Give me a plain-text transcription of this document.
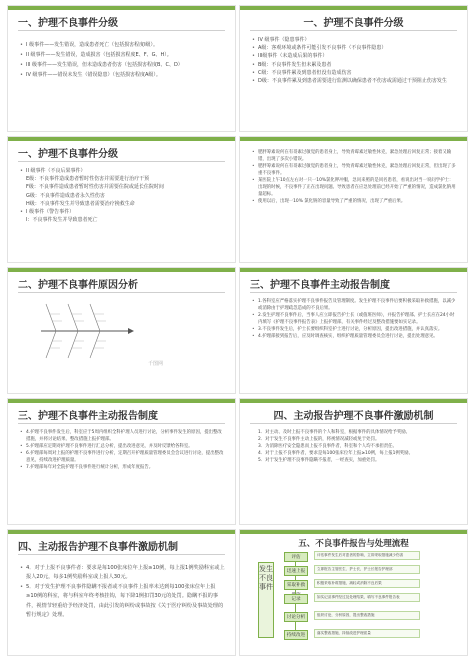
一、护理不良事件分级
• I 级事件——发生错误，造成患者死亡（包括损害程度I级）。
• II 级事件——发生错误，造成损害（包括损害程度E、F、G、H）。
• III 级事件——发生错误，但未造成患者伤害（包括损害程度B、C、D）
• IV 级事件——错误未发生（错误隐患）（包括损害程度A级）。
一、护理不良事件分级
• IV 级事件（隐患事件）
• A级：客观环境或条件可能引发不良事件（不良事件隐患）
• III级事件（未造成后果的事件）
• B级：不良事件发生但未累及患者
• C级：不良事件累及到患者但没有造成伤害
• D级：不良事件累及到患者需要进行监测以确保患者不伤害或需通过干预阻止伤害发生
一、护理不良事件分级
• II 级事件（不良后果事件）
E级：不良事件造成患者暂时性伤害并需要进行治疗干预
F级：不良事件造成患者暂时性伤害并需要住院或延长住院时间
G级：不良事件造成患者永久性伤害
H级：不良事件发生并导致患者需要治疗挽救生命
• I 级事件（警告事件）
I：不良事件发生并导致患者死亡
• 肥胖筹素说何在有哥素过敏觉的患者身上，导致青霉素过敏性休克，紧急处理后回复正常；接着又输错，出现了多次小错误。
• 肥胖筹素说何在有哥素过敏觉的患者身上，导致青霉素过敏性休克，紧急处理后回复正常，但出现了多重不良事件。
• 某医院上午10点左右对一只一10%氯化钾冲服，急问来照的是同名患者，看说出对当一说问学护士：出现的时候，不良事件了正在出现问题。导致患者在应急处理前已经开始了严重的情况，造成氯化钠用量超标。
• 使用以后，出现一10% 氯化钠的容量导致了严重的情况，出现了严重后果。
二、护理不良事件原因分析
千图网
三、护理不良事件主动报告制度
• 1.各科室应严格落实护理不良事件报告及管理制度。发生护理不良事件后要积极采取补救措施，以减少或消除由于护理疏忽造成的不良后果。
• 2.发生护理不良事件后，当事人应立即报告护士长（或值班医师），并报告护理部。护士长应在24小时内填写《护理不良事件报告表》上报护理部，有关事件经过及整改措施要如实记录。
• 3.不良事件发生后，护士长要组织科室护士进行讨论，分析原因，提出改进措施，并认真落实。
• 4.护理部接到报告后，应及时调查核实，组织护理质量管理委员会进行讨论，提出处理意见。
三、护理不良事件主动报告制度
• 4.护理不良事件发生后，科室应于5周内组织全科护理人员进行讨论，分析事件发生的原因，提出整改措施，并将讨论结果、整改措施上报护理部。
• 5.护理部应定期对护理不良事件进行汇总分析，提出改进意见，并及时反馈给各科室。
• 6.护理部每周对上报的护理不良事件进行分析，定期召开护理质量管理委员会会议进行讨论，提出整改意见，持续改进护理质量。
• 7.护理部每年对全院护理不良事件进行统计分析，形成年度报告。
四、主动报告护理不良事件激励机制
1．对主动、及时上报不良事件的个人和科室，根据事件的具体情况给予奖励。
2．对于发生不良事件主动上报的，将视情况减轻或免于处罚。
3．为消除医疗安全隐患而上报不良事件者，科室和个人均不承担责任。
4．对于上报不良事件者，要求是每100张床位年上报≥10例，每上报1例奖励。
5．对于发生护理不良事件隐瞒不报者，一经查实，加重处罚。
四、主动报告护理不良事件激励机制
• 4．对于上报不良事件者：要求是每100张床位年上报≥10例，每上报1例奖励科室或上报人20元，每多1例奖励科室或上报人30元。
• 5．对于发生护理不良事件隐瞒不报者或不良事件上报率未达到每100张床位年上报≥10例的科室，将与科室年终考核挂钩，每下降1例扣罚30元的处罚。隐瞒不报的事件，视情节轻重给予经济处罚，由此引发的纠纷或事故按《关于医疗纠纷及事故处理的暂行规定》处理。
五、不良事件报告与处理流程
发生不良事件
评估
迅速上报
采取补救
记录
讨论分析
持续改进
评估事件发生后对患者的影响，立即采取措施减少伤害
立即报告主管医生、护士长，护士长报告护理部
积极采取补救措施，减轻或消除不良后果
如实记录事件经过及处理结果，填写不良事件报告表
组织讨论，分析原因，提出整改措施
落实整改措施，持续改进护理质量
